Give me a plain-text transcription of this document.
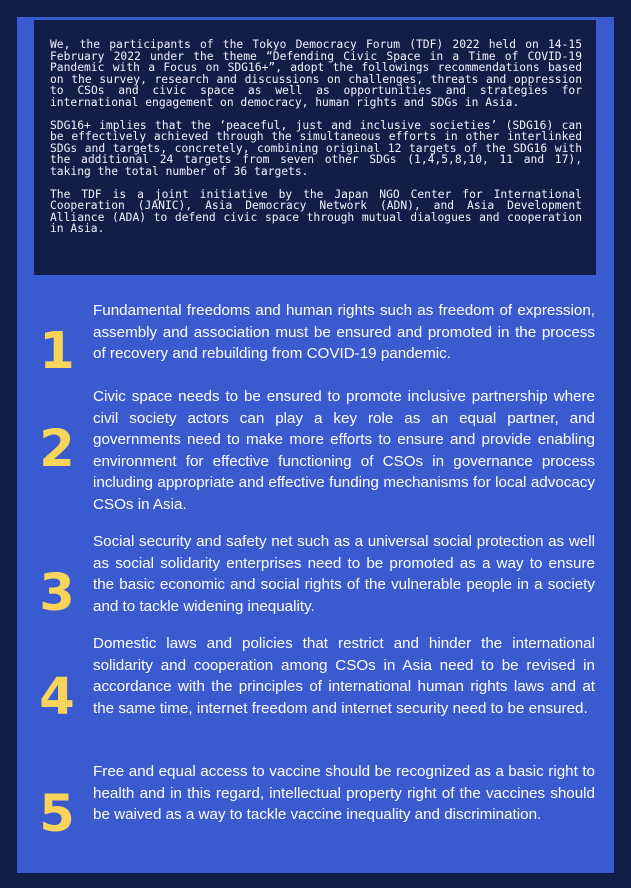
We, the participants of the Tokyo Democracy Forum (TDF) 2022 held on 14-15 February 2022 under the theme “Defending Civic Space in a Time of COVID-19 Pandemic with a Focus on SDG16+”, adopt the followings recommendations based on the survey, research and discussions on challenges, threats and oppression to CSOs and civic space as well as opportunities and strategies for international engagement on democracy, human rights and SDGs in Asia.

SDG16+ implies that the ‘peaceful, just and inclusive societies’ (SDG16) can be effectively achieved through the simultaneous efforts in other interlinked SDGs and targets, concretely, combining original 12 targets of the SDG16 with the additional 24 targets from seven other SDGs (1,4,5,8,10, 11 and 17), taking the total number of 36 targets.

The TDF is a joint initiative by the Japan NGO Center for International Cooperation (JANIC), Asia Democracy Network (ADN), and Asia Development Alliance (ADA) to defend civic space through mutual dialogues and cooperation in Asia.

1

Fundamental freedoms and human rights such as freedom of expression, assembly and association must be ensured and promoted in the process of recovery and rebuilding from COVID-19 pandemic.

2

Civic space needs to be ensured to promote inclusive partnership where civil society actors can play a key role as an equal partner, and governments need to make more efforts to ensure and provide enabling environment for effective functioning of CSOs in governance process including appropriate and effective funding mechanisms for local advocacy CSOs in Asia.

3

Social security and safety net such as a universal social protection as well as social solidarity enterprises need to be promoted as a way to ensure the basic economic and social rights of the vulnerable people in a society and to tackle widening inequality.

4

Domestic laws and policies that restrict and hinder the international solidarity and cooperation among CSOs in Asia need to be revised in accordance with the principles of international human rights laws and at the same time, internet freedom and internet security need to be ensured.

5

Free and equal access to vaccine should be recognized as a basic right to health and in this regard, intellectual property right of the vaccines should be waived as a way to tackle vaccine inequality and discrimination.
